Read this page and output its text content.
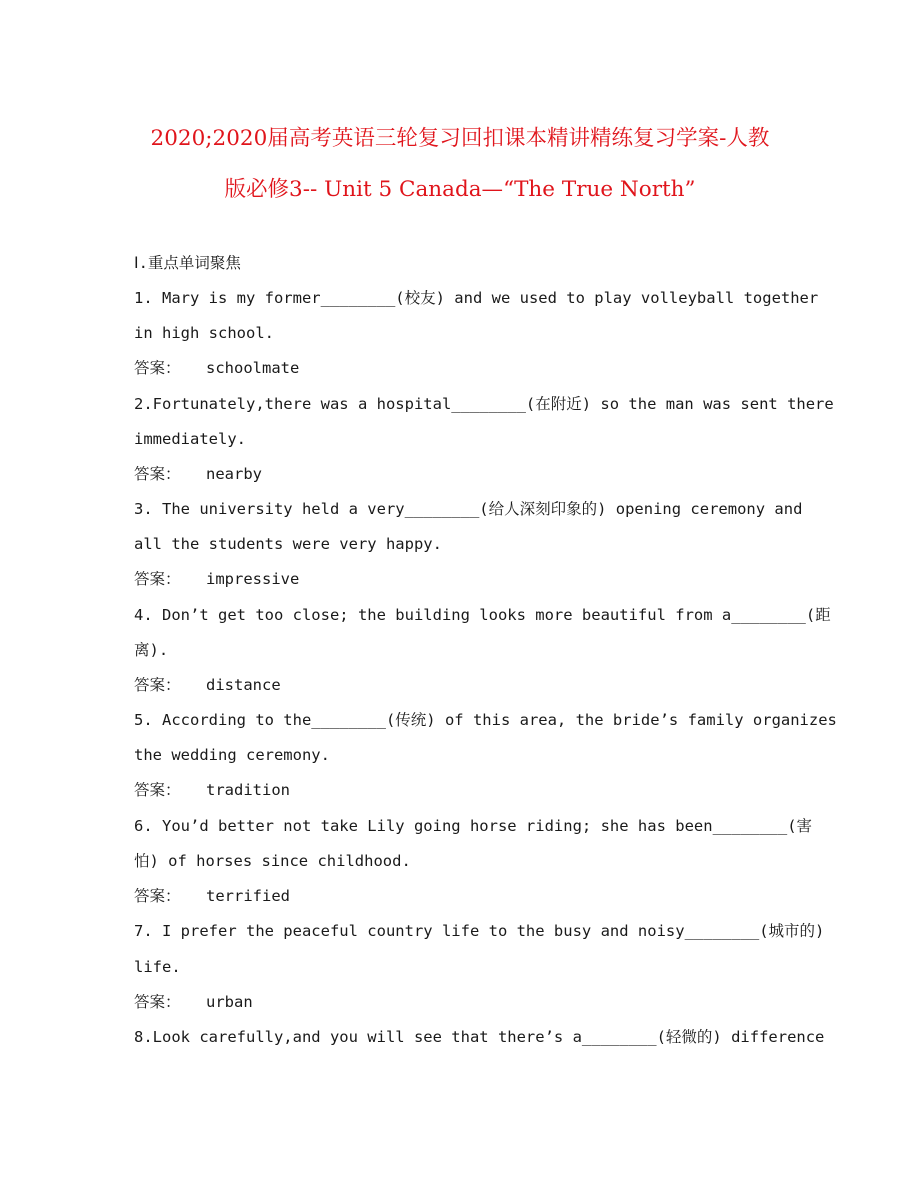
2020;2020届高考英语三轮复习回扣课本精讲精练复习学案-人教
版必修3-- Unit 5 Canada—“The True North”
Ⅰ.重点单词聚焦
1. Mary is my former________(校友) and we used to play volleyball together
in high school.
答案： schoolmate
2.Fortunately,there was a hospital________(在附近) so the man was sent there
immediately.
答案： nearby
3. The university held a very________(给人深刻印象的) opening ceremony and
all the students were very happy.
答案： impressive
4. Don’t get too close; the building looks more beautiful from a________(距
离).
答案： distance
5. According to the________(传统) of this area, the bride’s family organizes
the wedding ceremony.
答案： tradition
6. You’d better not take Lily going horse riding; she has been________(害
怕) of horses since childhood.
答案： terrified
7. I prefer the peaceful country life to the busy and noisy________(城市的)
life.
答案： urban
8.Look carefully,and you will see that there’s a________(轻微的) difference
